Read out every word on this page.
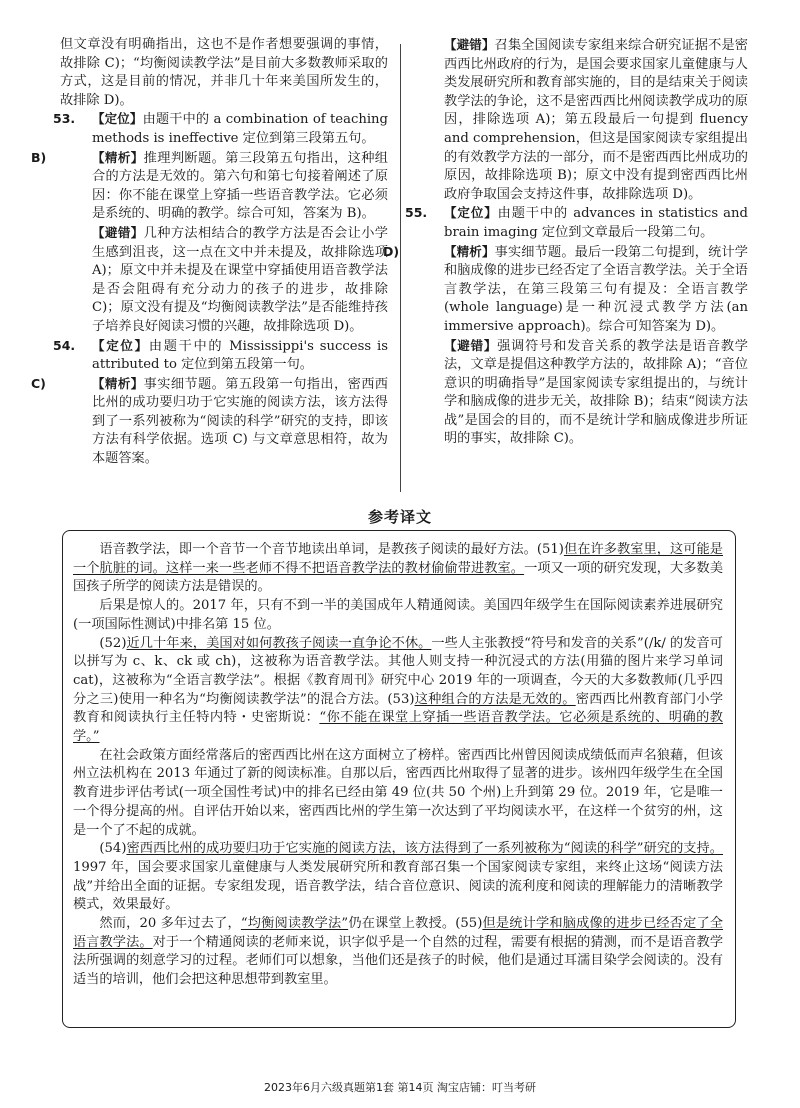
但文章没有明确指出，这也不是作者想要强调的事情，故排除 C)；“均衡阅读教学法”是目前大多数教师采取的方式，这是目前的情况，并非几十年来美国所发生的，故排除 D)。

53. 【定位】由题干中的 a combination of teaching methods is ineffective 定位到第三段第五句。
B)	【精析】推理判断题。第三段第五句指出，这种组合的方法是无效的。第六句和第七句接着阐述了原因：你不能在课堂上穿插一些语音教学法。它必须是系统的、明确的教学。综合可知，答案为 B)。
【避错】几种方法相结合的教学方法是否会让小学生感到沮丧，这一点在文中并未提及，故排除选项 A)；原文中并未提及在课堂中穿插使用语音教学法是否会阻碍有充分动力的孩子的进步，故排除 C)；原文没有提及“均衡阅读教学法”是否能维持孩子培养良好阅读习惯的兴趣，故排除选项 D)。
54. 【定位】由题干中的 Mississippi's success is attributed to 定位到第五段第一句。
C)	【精析】事实细节题。第五段第一句指出，密西西比州的成功要归功于它实施的阅读方法，该方法得到了一系列被称为“阅读的科学”研究的支持，即该方法有科学依据。选项 C) 与文章意思相符，故为本题答案。
【避错】召集全国阅读专家组来综合研究证据不是密西西比州政府的行为，是国会要求国家儿童健康与人类发展研究所和教育部实施的，目的是结束关于阅读教学法的争论，这不是密西西比州阅读教学成功的原因，排除选项 A)；第五段最后一句提到 fluency and comprehension，但这是国家阅读专家组提出的有效教学方法的一部分，而不是密西西比州成功的原因，故排除选项 B)；原文中没有提到密西西比州政府争取国会支持这件事，故排除选项 D)。
55. 【定位】由题干中的 advances in statistics and brain imaging 定位到文章最后一段第二句。
D)	【精析】事实细节题。最后一段第二句提到，统计学和脑成像的进步已经否定了全语言教学法。关于全语言教学法，在第三段第三句有提及：全语言教学(whole language)是一种沉浸式教学方法(an immersive approach)。综合可知答案为 D)。
【避错】强调符号和发音关系的教学法是语音教学法，文章是提倡这种教学方法的，故排除 A)；“音位意识的明确指导”是国家阅读专家组提出的，与统计学和脑成像的进步无关，故排除 B)；结束“阅读方法战”是国会的目的，而不是统计学和脑成像进步所证明的事实，故排除 C)。
参考译文

语音教学法，即一个音节一个音节地读出单词，是教孩子阅读的最好方法。(51)但在许多教室里，这可能是一个肮脏的词。这样一来一些老师不得不把语音教学法的教材偷偷带进教室。一项又一项的研究发现，大多数美国孩子所学的阅读方法是错误的。

后果是惊人的。2017 年，只有不到一半的美国成年人精通阅读。美国四年级学生在国际阅读素养进展研究(一项国际性测试)中排名第 15 位。

(52)近几十年来，美国对如何教孩子阅读一直争论不休。一些人主张教授“符号和发音的关系”(/k/ 的发音可以拼写为 c、k、ck 或 ch)，这被称为语音教学法。其他人则支持一种沉浸式的方法(用猫的图片来学习单词 cat)，这被称为“全语言教学法”。根据《教育周刊》研究中心 2019 年的一项调查，今天的大多数教师(几乎四分之三)使用一种名为“均衡阅读教学法”的混合方法。(53)这种组合的方法是无效的。密西西比州教育部门小学教育和阅读执行主任特内特・史密斯说：“你不能在课堂上穿插一些语音教学法。它必须是系统的、明确的教学。”

在社会政策方面经常落后的密西西比州在这方面树立了榜样。密西西比州曾因阅读成绩低而声名狼藉，但该州立法机构在 2013 年通过了新的阅读标准。自那以后，密西西比州取得了显著的进步。该州四年级学生在全国教育进步评估考试(一项全国性考试)中的排名已经由第 49 位(共 50 个州)上升到第 29 位。2019 年，它是唯一一个得分提高的州。自评估开始以来，密西西比州的学生第一次达到了平均阅读水平，在这样一个贫穷的州，这是一个了不起的成就。

(54)密西西比州的成功要归功于它实施的阅读方法，该方法得到了一系列被称为“阅读的科学”研究的支持。1997 年，国会要求国家儿童健康与人类发展研究所和教育部召集一个国家阅读专家组，来终止这场“阅读方法战”并给出全面的证据。专家组发现，语音教学法，结合音位意识、阅读的流利度和阅读的理解能力的清晰教学模式，效果最好。

然而，20 多年过去了，“均衡阅读教学法”仍在课堂上教授。(55)但是统计学和脑成像的进步已经否定了全语言教学法。对于一个精通阅读的老师来说，识字似乎是一个自然的过程，需要有根据的猜测，而不是语音教学法所强调的刻意学习的过程。老师们可以想象，当他们还是孩子的时候，他们是通过耳濡目染学会阅读的。没有适当的培训，他们会把这种思想带到教室里。

2023年6月六级真题第1套 第14页 淘宝店铺：叮当考研
